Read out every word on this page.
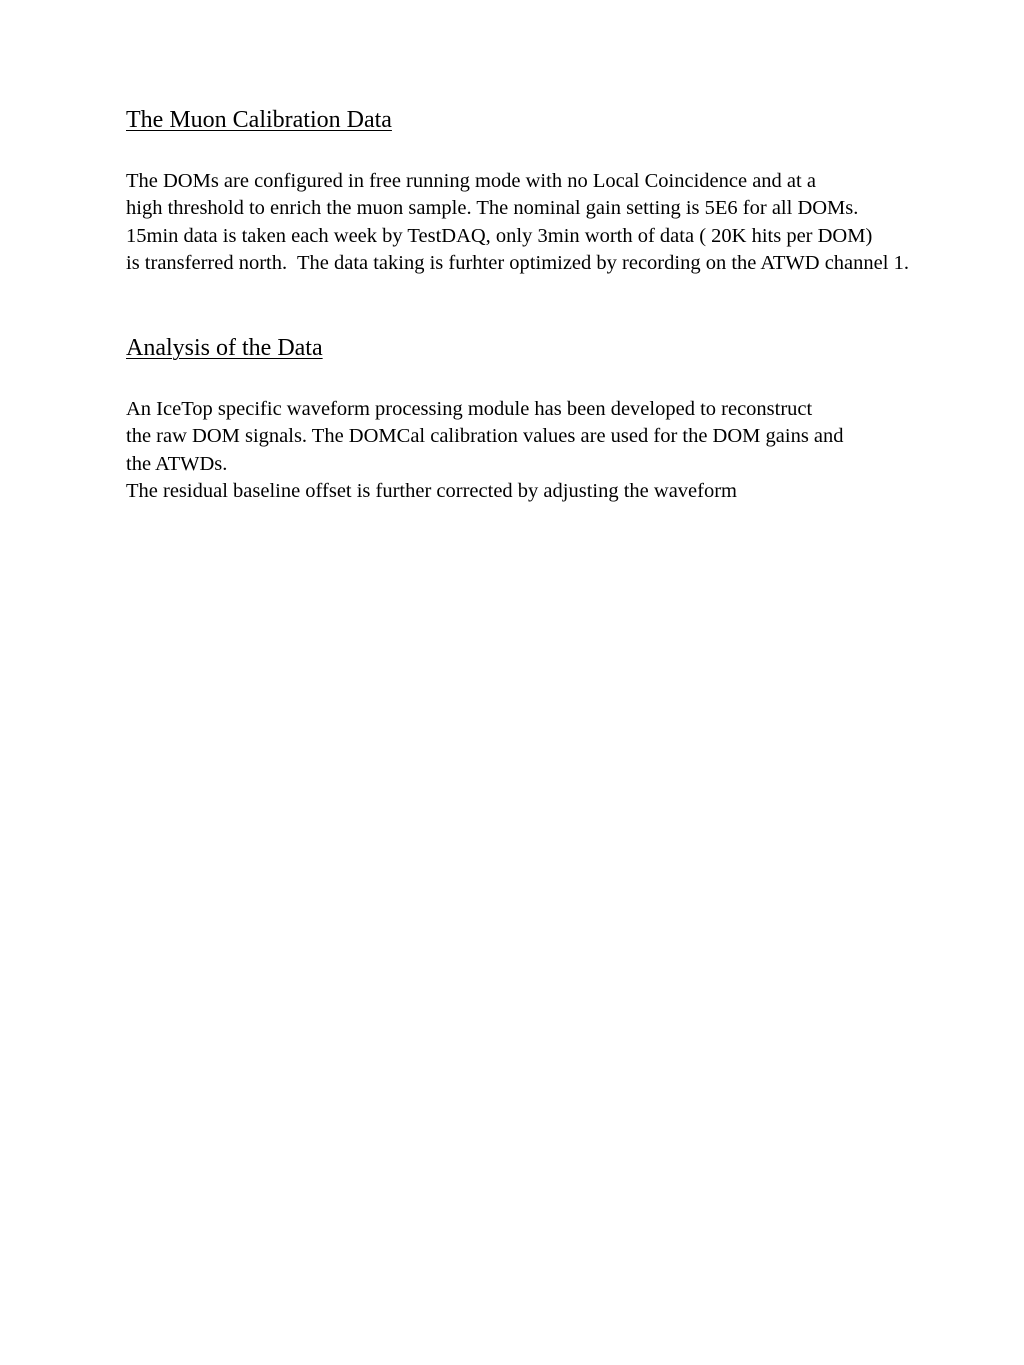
The Muon Calibration Data
The DOMs are configured in free running mode with no Local Coincidence and at a
high threshold to enrich the muon sample. The nominal gain setting is 5E6 for all DOMs.
15min data is taken each week by TestDAQ, only 3min worth of data ( 20K hits per DOM)
is transferred north.  The data taking is furhter optimized by recording on the ATWD channel 1.
Analysis of the Data
An IceTop specific waveform processing module has been developed to reconstruct
the raw DOM signals. The DOMCal calibration values are used for the DOM gains and
the ATWDs.
The residual baseline offset is further corrected by adjusting the waveform
